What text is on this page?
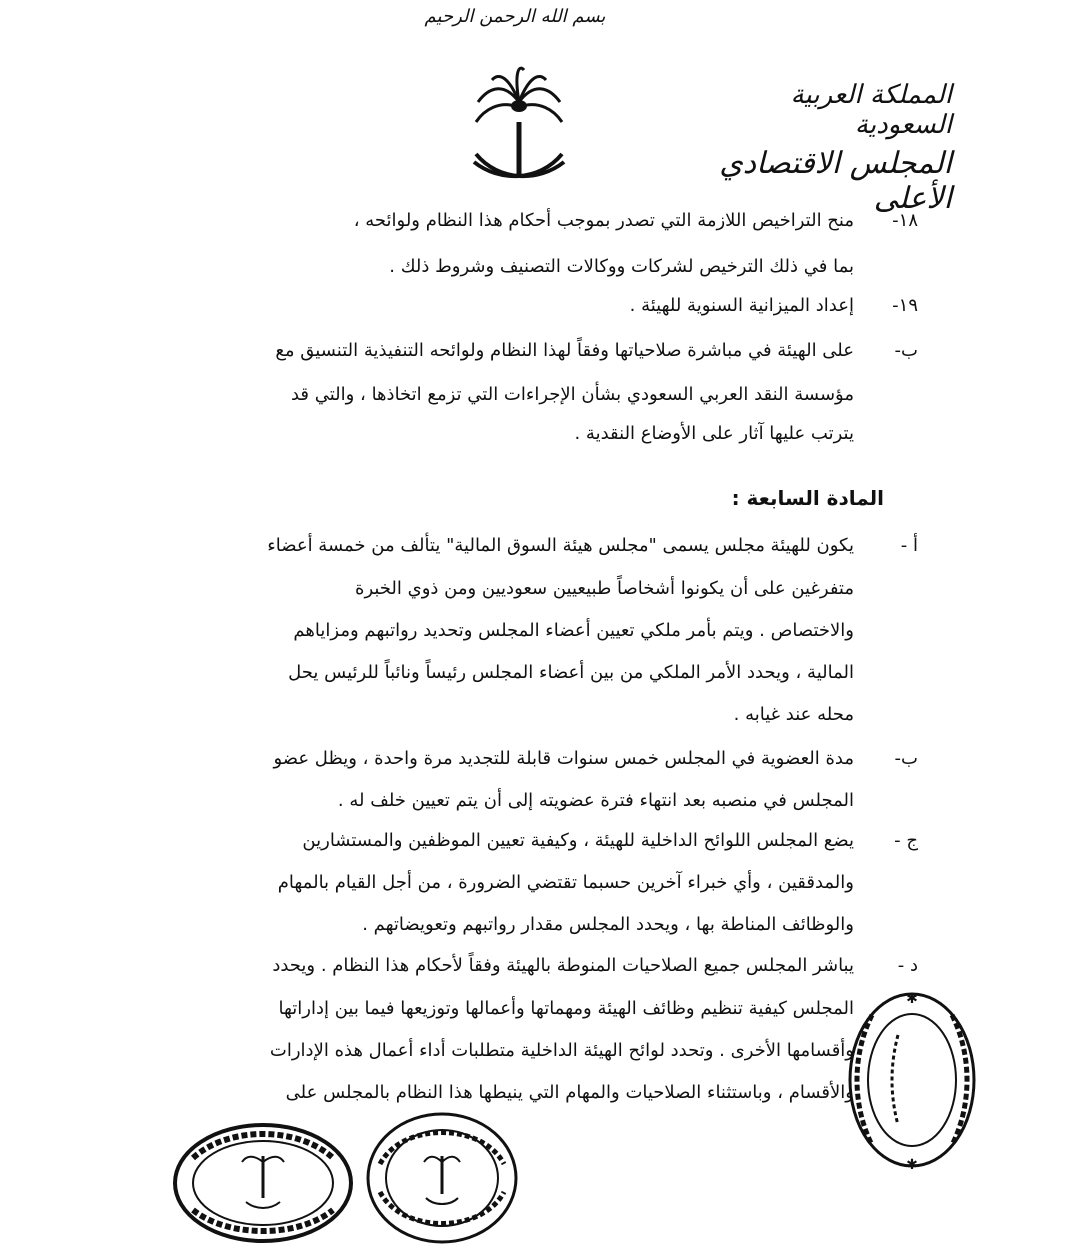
بسم الله الرحمن الرحيم
المملكة العربية السعودية
المجلس الاقتصادي الأعلى
١٨-
منح التراخيص اللازمة التي تصدر بموجب أحكام هذا النظام ولوائحه ،
بما في ذلك الترخيص لشركات ووكالات التصنيف وشروط ذلك .
١٩-
إعداد الميزانية السنوية للهيئة .
ب-
على الهيئة في مباشرة صلاحياتها وفقاً لهذا النظام ولوائحه التنفيذية التنسيق مع
مؤسسة النقد العربي السعودي بشأن الإجراءات التي تزمع اتخاذها ، والتي قد
يترتب عليها آثار على الأوضاع النقدية .
المادة السابعة :
أ -
يكون للهيئة مجلس يسمى "مجلس هيئة السوق المالية" يتألف من خمسة أعضاء
متفرغين على أن يكونوا أشخاصاً طبيعيين سعوديين ومن ذوي الخبرة
والاختصاص . ويتم بأمر ملكي تعيين أعضاء المجلس وتحديد رواتبهم ومزاياهم
المالية ، ويحدد الأمر الملكي من بين أعضاء المجلس رئيساً ونائباً للرئيس يحل
محله عند غيابه .
ب-
مدة العضوية في المجلس خمس سنوات قابلة للتجديد مرة واحدة ، ويظل عضو
المجلس في منصبه بعد انتهاء فترة عضويته إلى أن يتم تعيين خلف له .
ج -
يضع المجلس اللوائح الداخلية للهيئة ، وكيفية تعيين الموظفين والمستشارين
والمدققين ، وأي خبراء آخرين حسبما تقتضي الضرورة ، من أجل القيام بالمهام
والوظائف المناطة بها ، ويحدد المجلس مقدار رواتبهم وتعويضاتهم .
د -
يباشر المجلس جميع الصلاحيات المنوطة بالهيئة وفقاً لأحكام هذا النظام . ويحدد
المجلس كيفية تنظيم وظائف الهيئة ومهماتها وأعمالها وتوزيعها فيما بين إداراتها
وأقسامها الأخرى . وتحدد لوائح الهيئة الداخلية متطلبات أداء أعمال هذه الإدارات
والأقسام ، وباستثناء الصلاحيات والمهام التي ينيطها هذا النظام بالمجلس على
✱
✱
